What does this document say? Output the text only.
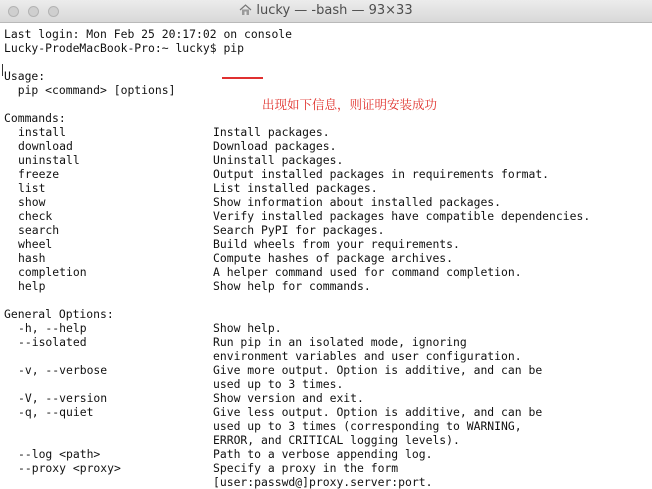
lucky — -bash — 93×33
出现如下信息，则证明安装成功
Last login: Mon Feb 25 20:17:02 on console
Lucky-ProdeMacBook-Pro:~ lucky$ pip
Usage:
pip <command> [options]
Commands:
install	Install packages.
download	Download packages.
uninstall	Uninstall packages.
freeze	Output installed packages in requirements format.
list	List installed packages.
show	Show information about installed packages.
check	Verify installed packages have compatible dependencies.
search	Search PyPI for packages.
wheel	Build wheels from your requirements.
hash	Compute hashes of package archives.
completion	A helper command used for command completion.
help	Show help for commands.
General Options:
-h, --help	Show help.
--isolated	Run pip in an isolated mode, ignoring
environment variables and user configuration.
-v, --verbose	Give more output. Option is additive, and can be
used up to 3 times.
-V, --version	Show version and exit.
-q, --quiet	Give less output. Option is additive, and can be
used up to 3 times (corresponding to WARNING,
ERROR, and CRITICAL logging levels).
--log <path>	Path to a verbose appending log.
--proxy <proxy>	Specify a proxy in the form
[user:passwd@]proxy.server:port.
